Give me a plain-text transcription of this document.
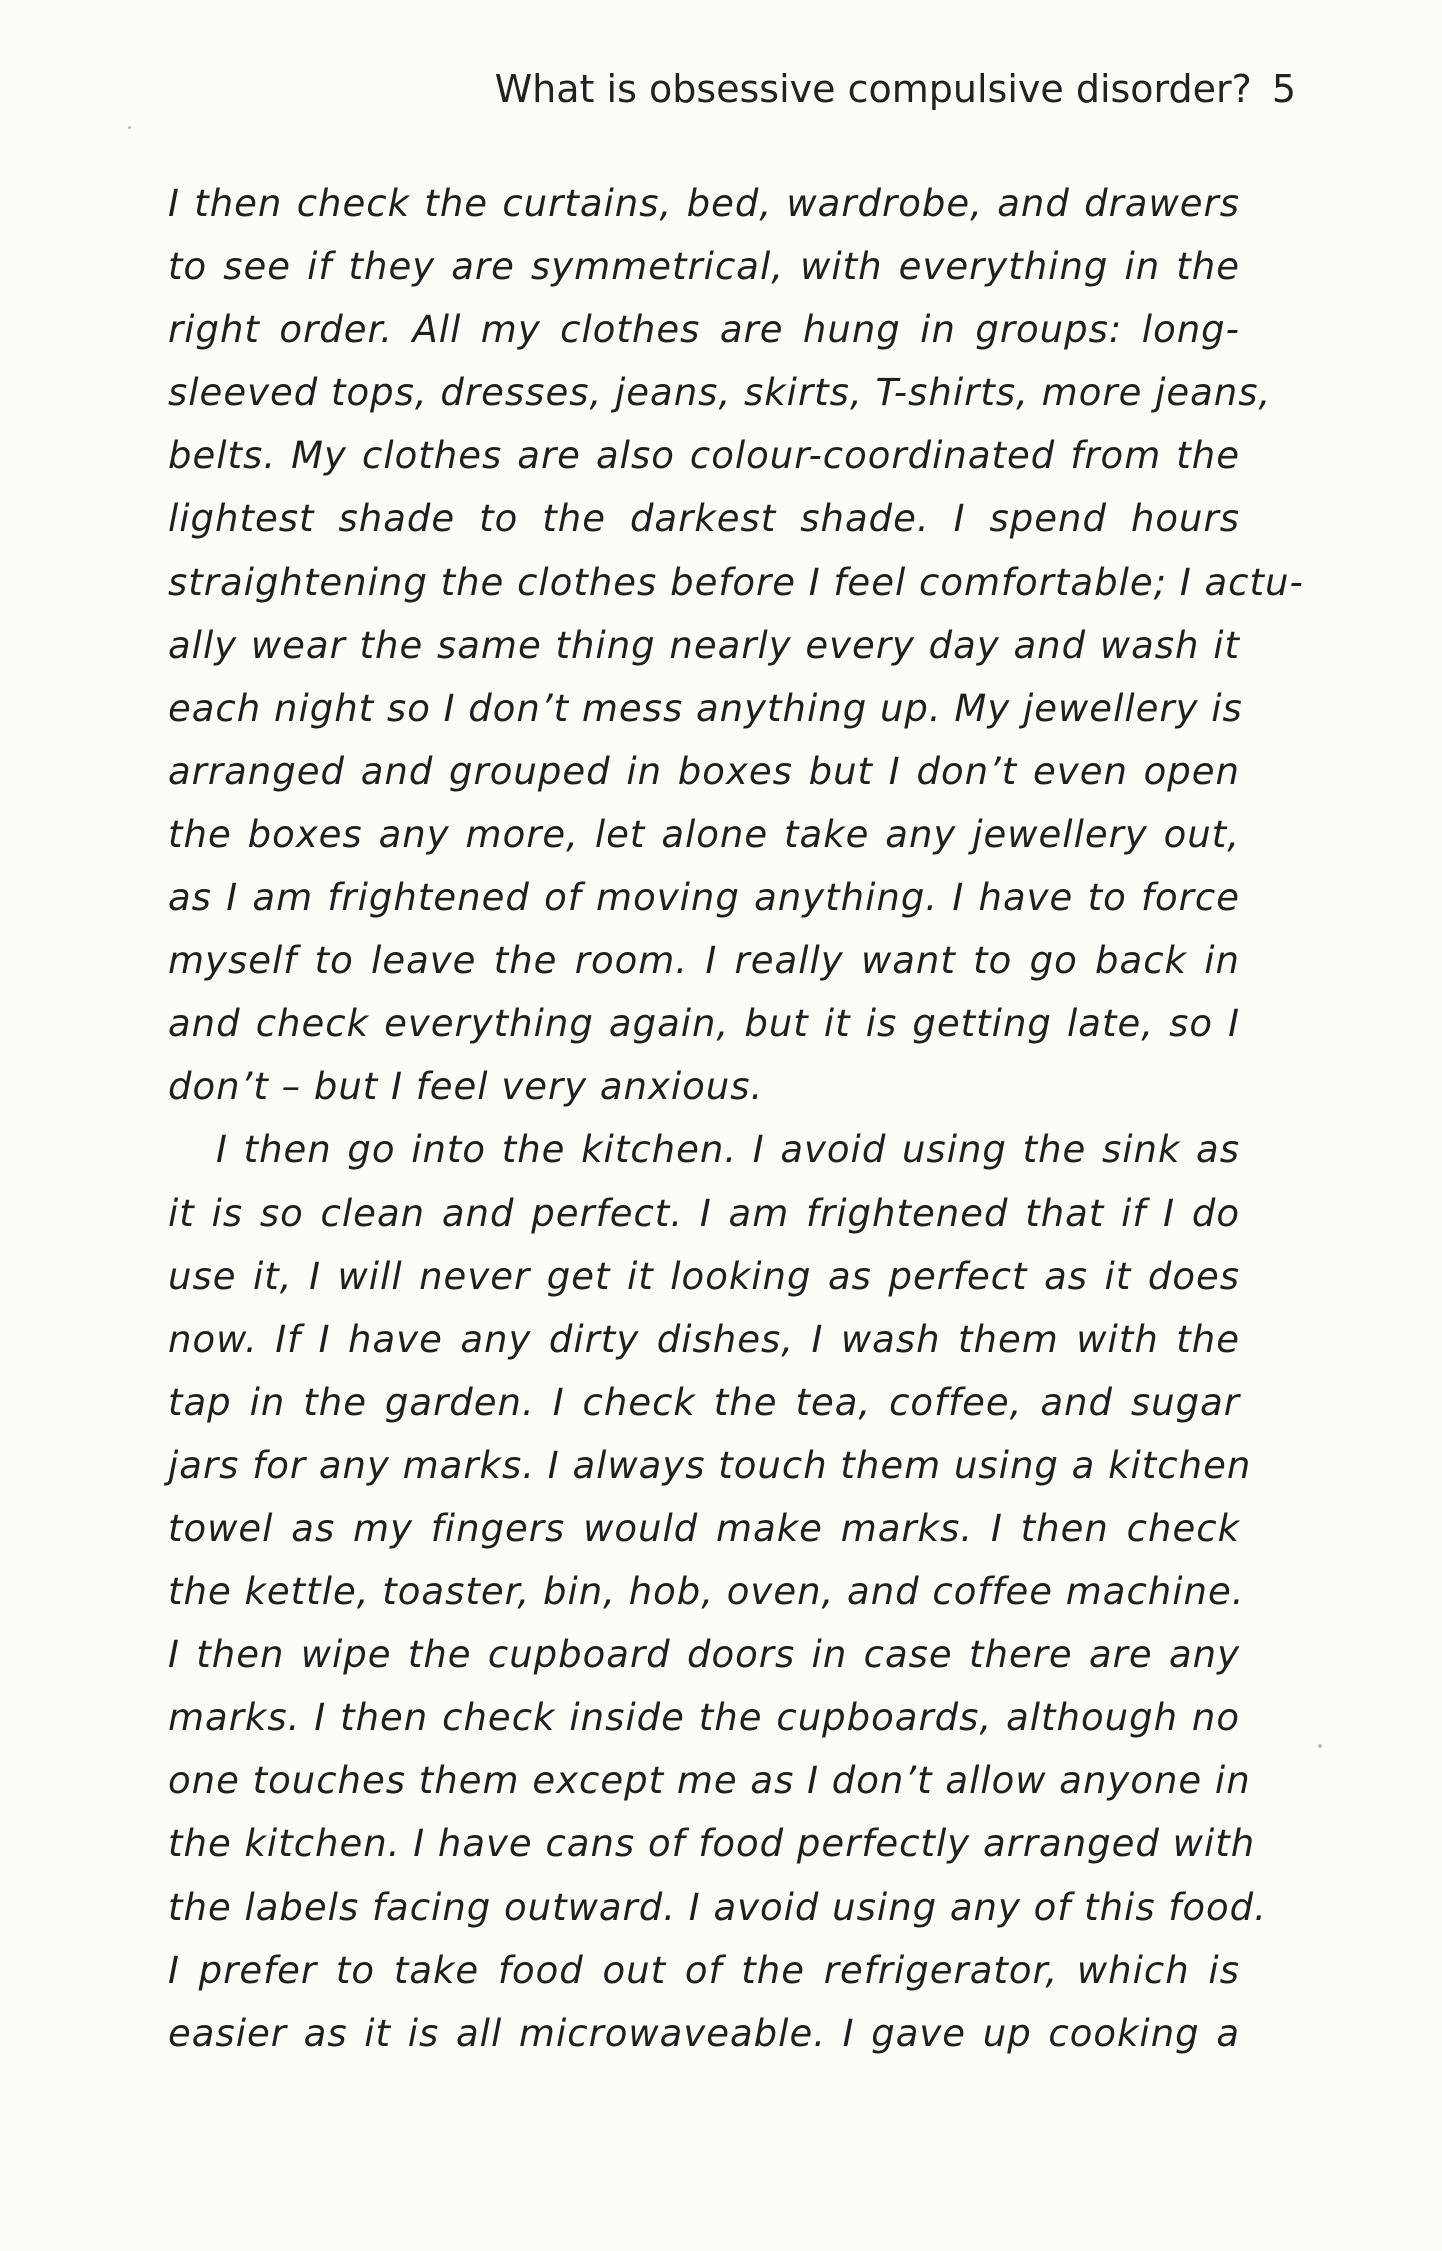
What is obsessive compulsive disorder? 5
I then check the curtains, bed, wardrobe, and drawers
to see if they are symmetrical, with everything in the
right order. All my clothes are hung in groups: long-
sleeved tops, dresses, jeans, skirts, T-shirts, more jeans,
belts. My clothes are also colour-coordinated from the
lightest shade to the darkest shade. I spend hours
straightening the clothes before I feel comfortable; I actu-
ally wear the same thing nearly every day and wash it
each night so I don’t mess anything up. My jewellery is
arranged and grouped in boxes but I don’t even open
the boxes any more, let alone take any jewellery out,
as I am frightened of moving anything. I have to force
myself to leave the room. I really want to go back in
and check everything again, but it is getting late, so I
don’t – but I feel very anxious.
I then go into the kitchen. I avoid using the sink as
it is so clean and perfect. I am frightened that if I do
use it, I will never get it looking as perfect as it does
now. If I have any dirty dishes, I wash them with the
tap in the garden. I check the tea, coffee, and sugar
jars for any marks. I always touch them using a kitchen
towel as my fingers would make marks. I then check
the kettle, toaster, bin, hob, oven, and coffee machine.
I then wipe the cupboard doors in case there are any
marks. I then check inside the cupboards, although no
one touches them except me as I don’t allow anyone in
the kitchen. I have cans of food perfectly arranged with
the labels facing outward. I avoid using any of this food.
I prefer to take food out of the refrigerator, which is
easier as it is all microwaveable. I gave up cooking a
